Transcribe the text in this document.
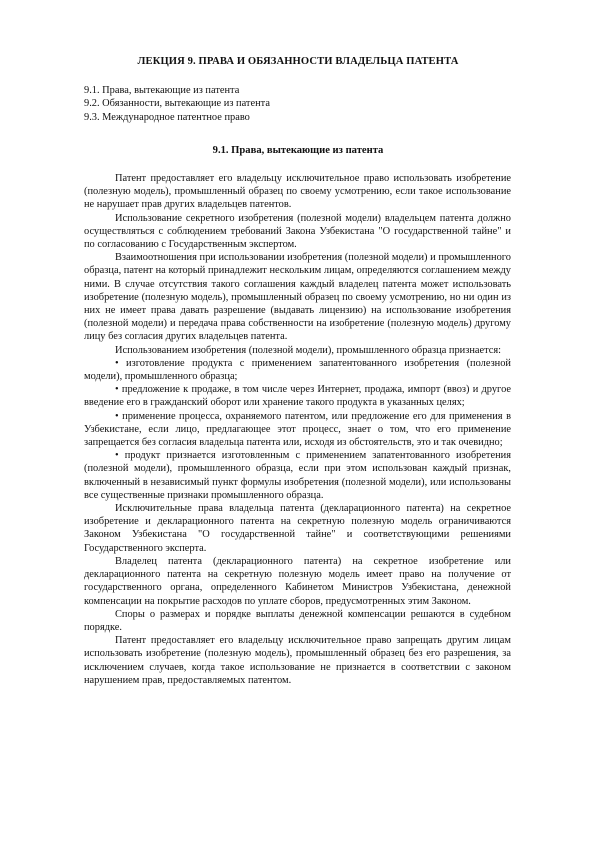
ЛЕКЦИЯ 9. ПРАВА И ОБЯЗАННОСТИ ВЛАДЕЛЬЦА ПАТЕНТА
9.1. Права, вытекающие из патента
9.2. Обязанности, вытекающие из патента
9.3. Международное патентное право
9.1. Права, вытекающие из патента

Патент предоставляет его владельцу исключительное право использовать изобретение (полезную модель), промышленный образец по своему усмотрению, если такое использование не нарушает прав других владельцев патентов.

Использование секретного изобретения (полезной модели) владельцем патента должно осуществляться с соблюдением требований Закона Узбекистана "О государственной тайне" и по согласованию с Государственным экспертом.

Взаимоотношения при использовании изобретения (полезной модели) и промышленного образца, патент на который принадлежит нескольким лицам, определяются соглашением между ними. В случае отсутствия такого соглашения каждый владелец патента может использовать изобретение (полезную модель), промышленный образец по своему усмотрению, но ни один из них не имеет права давать разрешение (выдавать лицензию) на использование изобретения (полезной модели) и передача права собственности на изобретение (полезную модель) другому лицу без согласия других владельцев патента.

Использованием изобретения (полезной модели), промышленного образца признается:

• изготовление продукта с применением запатентованного изобретения (полезной модели), промышленного образца;

• предложение к продаже, в том числе через Интернет, продажа, импорт (ввоз) и другое введение его в гражданский оборот или хранение такого продукта в указанных целях;

• применение процесса, охраняемого патентом, или предложение его для применения в Узбекистане, если лицо, предлагающее этот процесс, знает о том, что его применение запрещается без согласия владельца патента или, исходя из обстоятельств, это и так очевидно;

• продукт признается изготовленным с применением запатентованного изобретения (полезной модели), промышленного образца, если при этом использован каждый признак, включенный в независимый пункт формулы изобретения (полезной модели), или использованы все существенные признаки промышленного образца.

Исключительные права владельца патента (декларационного патента) на секретное изобретение и декларационного патента на секретную полезную модель ограничиваются Законом Узбекистана "О государственной тайне" и соответствующими решениями Государственного эксперта.

Владелец патента (декларационного патента) на секретное изобретение или декларационного патента на секретную полезную модель имеет право на получение от государственного органа, определенного Кабинетом Министров Узбекистана, денежной компенсации на покрытие расходов по уплате сборов, предусмотренных этим Законом.

Споры о размерах и порядке выплаты денежной компенсации решаются в судебном порядке.

Патент предоставляет его владельцу исключительное право запрещать другим лицам использовать изобретение (полезную модель), промышленный образец без его разрешения, за исключением случаев, когда такое использование не признается в соответствии с законом нарушением прав, предоставляемых патентом.
